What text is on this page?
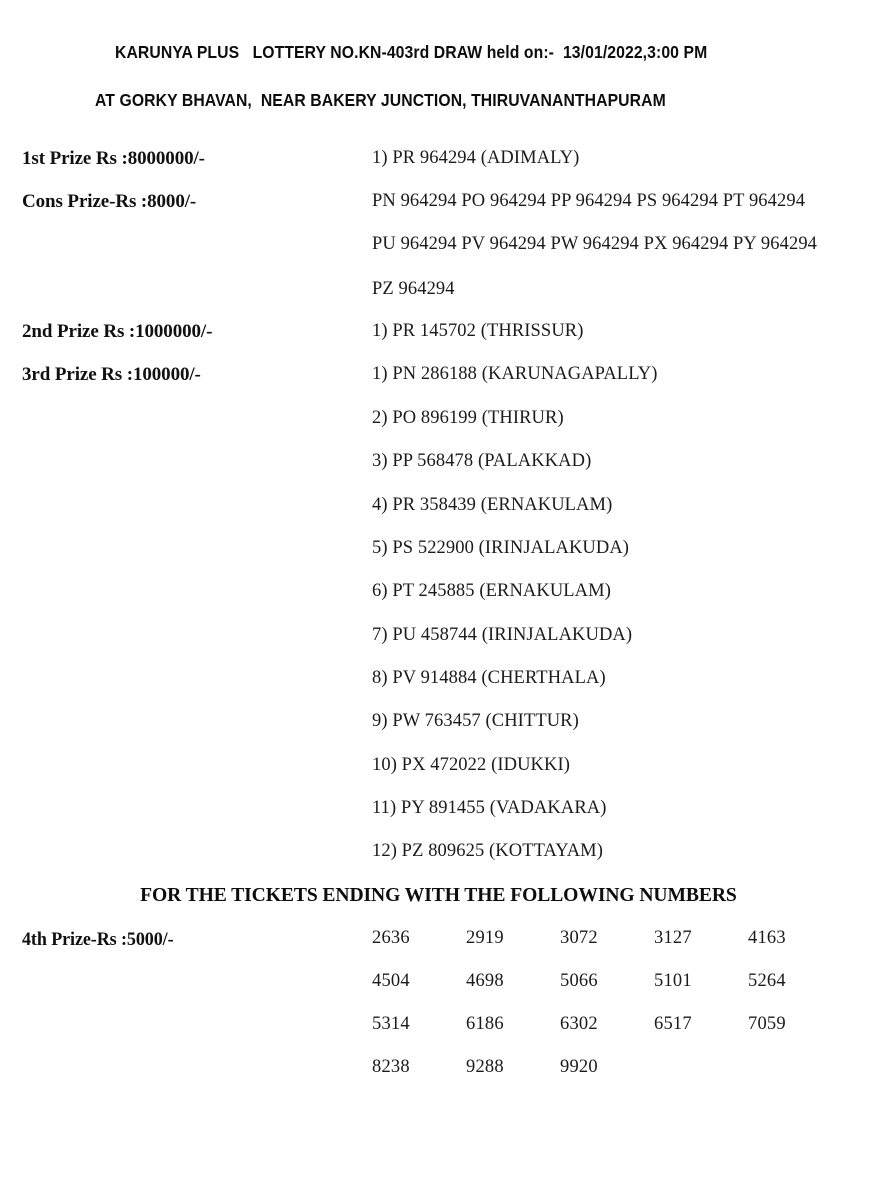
KARUNYA PLUS   LOTTERY NO.KN-403rd DRAW held on:-  13/01/2022,3:00 PM
AT GORKY BHAVAN,  NEAR BAKERY JUNCTION, THIRUVANANTHAPURAM
1st Prize Rs :8000000/-	1) PR 964294 (ADIMALY)
Cons Prize-Rs :8000/-	PN 964294 PO 964294 PP 964294 PS 964294 PT 964294
PU 964294 PV 964294 PW 964294 PX 964294 PY 964294
PZ 964294
2nd Prize Rs :1000000/-	1) PR 145702 (THRISSUR)
3rd Prize Rs :100000/-	1) PN 286188 (KARUNAGAPALLY)
2) PO 896199 (THIRUR)
3) PP 568478 (PALAKKAD)
4) PR 358439 (ERNAKULAM)
5) PS 522900 (IRINJALAKUDA)
6) PT 245885 (ERNAKULAM)
7) PU 458744 (IRINJALAKUDA)
8) PV 914884 (CHERTHALA)
9) PW 763457 (CHITTUR)
10) PX 472022 (IDUKKI)
11) PY 891455 (VADAKARA)
12) PZ 809625 (KOTTAYAM)
FOR THE TICKETS ENDING WITH THE FOLLOWING NUMBERS
4th Prize-Rs :5000/-	2636	2919	3072	3127	4163
4504	4698	5066	5101	5264
5314	6186	6302	6517	7059
8238	9288	9920
